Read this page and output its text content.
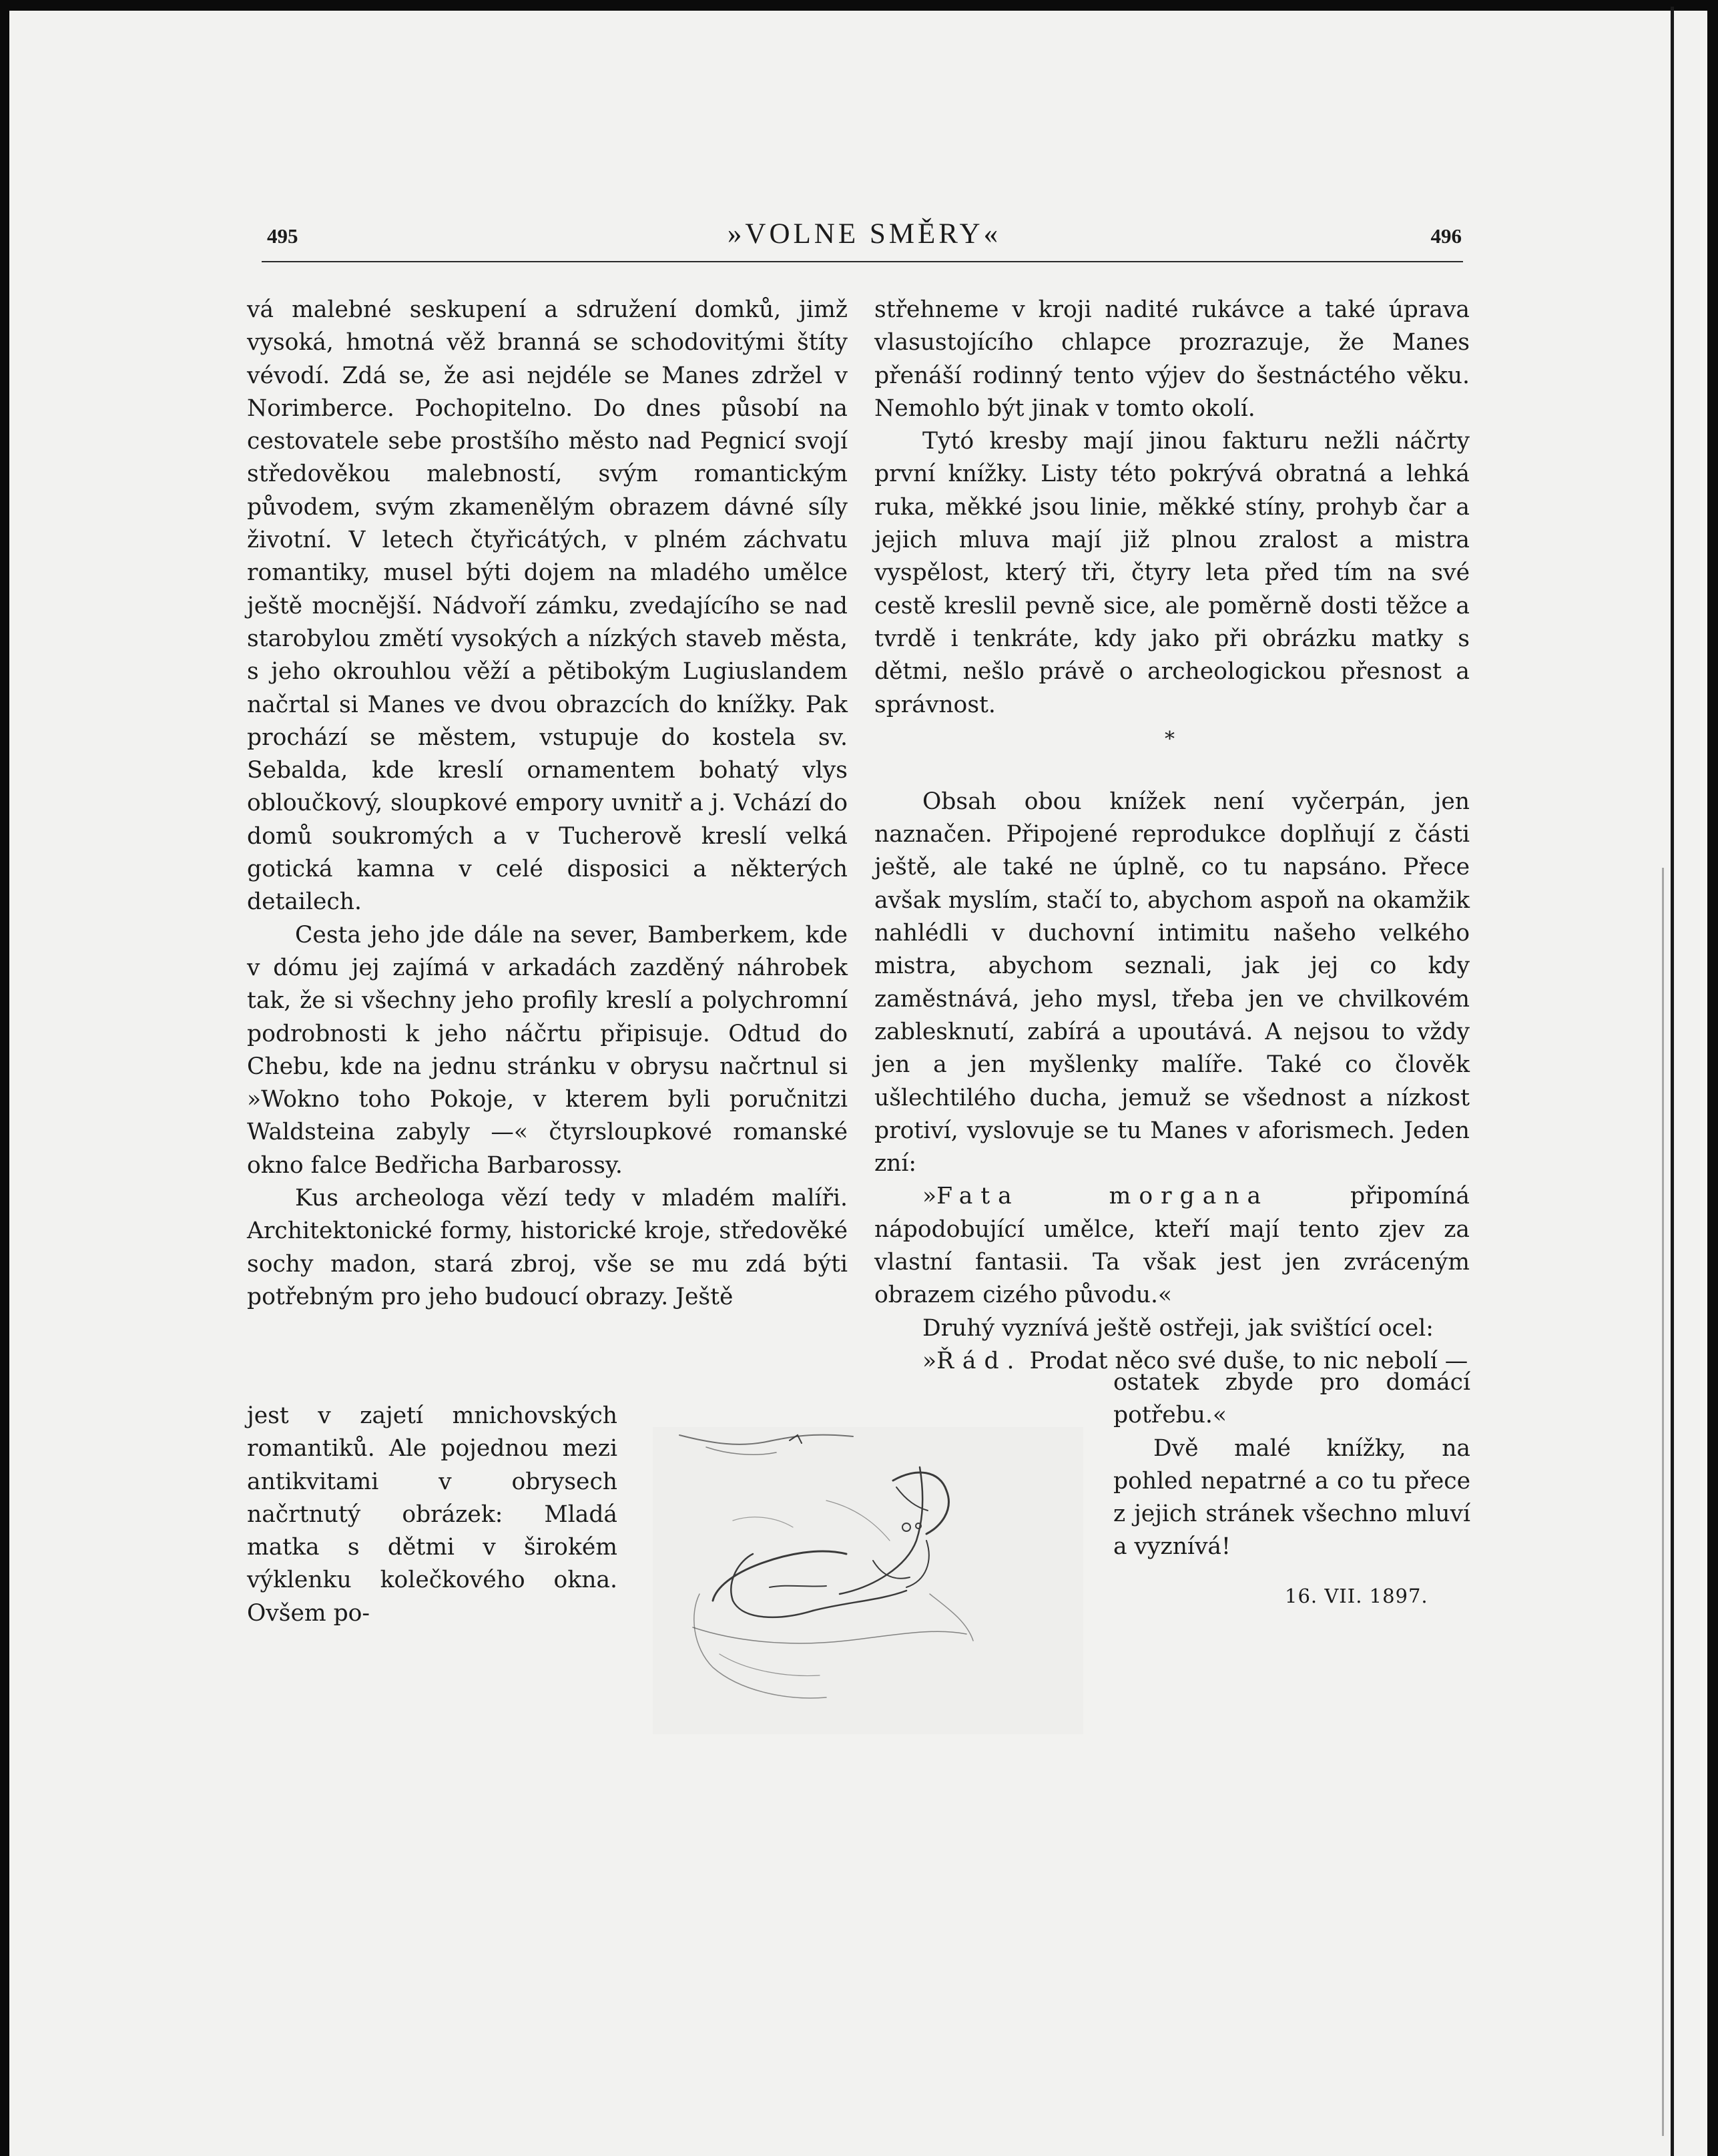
495	»VOLNE SMĚRY«	496

vá malebné seskupení a sdružení domků, jimž vysoká, hmotná věž branná se schodovitými štíty vévodí. Zdá se, že asi nejdéle se Manes zdržel v Norimberce. Pochopitelno. Do dnes působí na cestovatele sebe prostšího město nad Pegnicí svojí středověkou malebností, svým romantickým původem, svým zkamenělým obrazem dávné síly životní. V letech čtyřicátých, v plném záchvatu romantiky, musel býti dojem na mladého umělce ještě mocnější. Nádvoří zámku, zvedajícího se nad starobylou změtí vysokých a nízkých staveb města, s jeho okrouhlou věží a pětibokým Lugiuslandem načrtal si Manes ve dvou obrazcích do knížky. Pak prochází se městem, vstupuje do kostela sv. Sebalda, kde kreslí ornamentem bohatý vlys obloučkový, sloupkové empory uvnitř a j. Vchází do domů soukromých a v Tucherově kreslí velká gotická kamna v celé disposici a některých detailech.

Cesta jeho jde dále na sever, Bamberkem, kde v dómu jej zajímá v arkadách zazděný náhrobek tak, že si všechny jeho profily kreslí a polychromní podrobnosti k jeho náčrtu připisuje. Odtud do Chebu, kde na jednu stránku v obrysu načrtnul si »Wokno toho Pokoje, v kterem byli poručnitzi Waldsteina zabyly —« čtyrsloupkové romanské okno falce Bedřicha Barbarossy.

Kus archeologa vězí tedy v mladém malíři. Architektonické formy, historické kroje, středověké sochy madon, stará zbroj, vše se mu zdá býti potřebným pro jeho budoucí obrazy. Ještě

jest v zajetí mnichovských romantiků. Ale pojednou mezi antikvitami v obrysech načrtnutý obrázek: Mladá matka s dětmi v širokém výklenku kolečkového okna. Ovšem po-

střehneme v kroji nadité rukávce a také úprava vlasustojícího chlapce prozrazuje, že Manes přenáší rodinný tento výjev do šestnáctého věku. Nemohlo být jinak v tomto okolí.

Tytó kresby mají jinou fakturu nežli náčrty první knížky. Listy této pokrývá obratná a lehká ruka, měkké jsou linie, měkké stíny, prohyb čar a jejich mluva mají již plnou zralost a mistra vyspělost, který tři, čtyry leta před tím na své cestě kreslil pevně sice, ale poměrně dosti těžce a tvrdě i tenkráte, kdy jako při obrázku matky s dětmi, nešlo právě o archeologickou přesnost a správnost.

Obsah obou knížek není vyčerpán, jen naznačen. Připojené reprodukce doplňují z části ještě, ale také ne úplně, co tu napsáno. Přece avšak myslím, stačí to, abychom aspoň na okamžik nahlédli v duchovní intimitu našeho velkého mistra, abychom seznali, jak jej co kdy zaměstnává, jeho mysl, třeba jen ve chvilkovém zablesknutí, zabírá a upoutává. A nejsou to vždy jen a jen myšlenky malíře. Také co člověk ušlechtilého ducha, jemuž se všednost a nízkost protiví, vyslovuje se tu Manes v aforismech. Jeden zní:

»Fata morgana připomíná nápodobující umělce, kteří mají tento zjev za vlastní fantasii. Ta však jest jen zvráceným obrazem cizého původu.«

Druhý vyznívá ještě ostřeji, jak svištící ocel:

»Řád. Prodat něco své duše, to nic nebolí —

*

ostatek zbyde pro domácí potřebu.«

Dvě malé knížky, na pohled nepatrné a co tu přece z jejich stránek všechno mluví a vyznívá!

16. VII. 1897.
